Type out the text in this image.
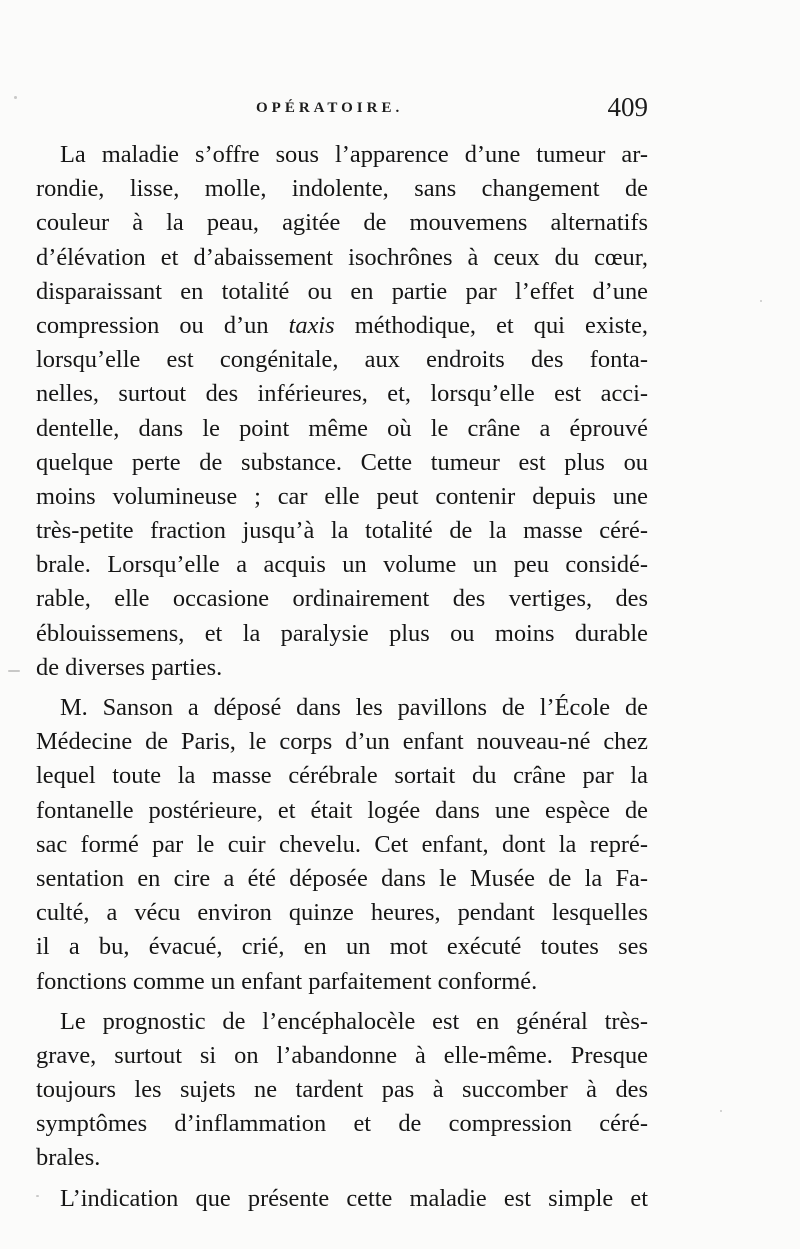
OPÉRATOIRE.	409

La maladie s’offre sous l’apparence d’une tumeur ar-
rondie, lisse, molle, indolente, sans changement de
couleur à la peau, agitée de mouvemens alternatifs
d’élévation et d’abaissement isochrônes à ceux du cœur,
disparaissant en totalité ou en partie par l’effet d’une
compression ou d’un taxis méthodique, et qui existe,
lorsqu’elle est congénitale, aux endroits des fonta-
nelles, surtout des inférieures, et, lorsqu’elle est acci-
dentelle, dans le point même où le crâne a éprouvé
quelque perte de substance. Cette tumeur est plus ou
moins volumineuse ; car elle peut contenir depuis une
très-petite fraction jusqu’à la totalité de la masse céré-
brale. Lorsqu’elle a acquis un volume un peu considé-
rable, elle occasione ordinairement des vertiges, des
éblouissemens, et la paralysie plus ou moins durable
de diverses parties.

M. Sanson a déposé dans les pavillons de l’École de
Médecine de Paris, le corps d’un enfant nouveau-né chez
lequel toute la masse cérébrale sortait du crâne par la
fontanelle postérieure, et était logée dans une espèce de
sac formé par le cuir chevelu. Cet enfant, dont la repré-
sentation en cire a été déposée dans le Musée de la Fa-
culté, a vécu environ quinze heures, pendant lesquelles
il a bu, évacué, crié, en un mot exécuté toutes ses
fonctions comme un enfant parfaitement conformé.

Le prognostic de l’encéphalocèle est en général très-
grave, surtout si on l’abandonne à elle-même. Presque
toujours les sujets ne tardent pas à succomber à des
symptômes d’inflammation et de compression céré-
brales.

L’indication que présente cette maladie est simple et
